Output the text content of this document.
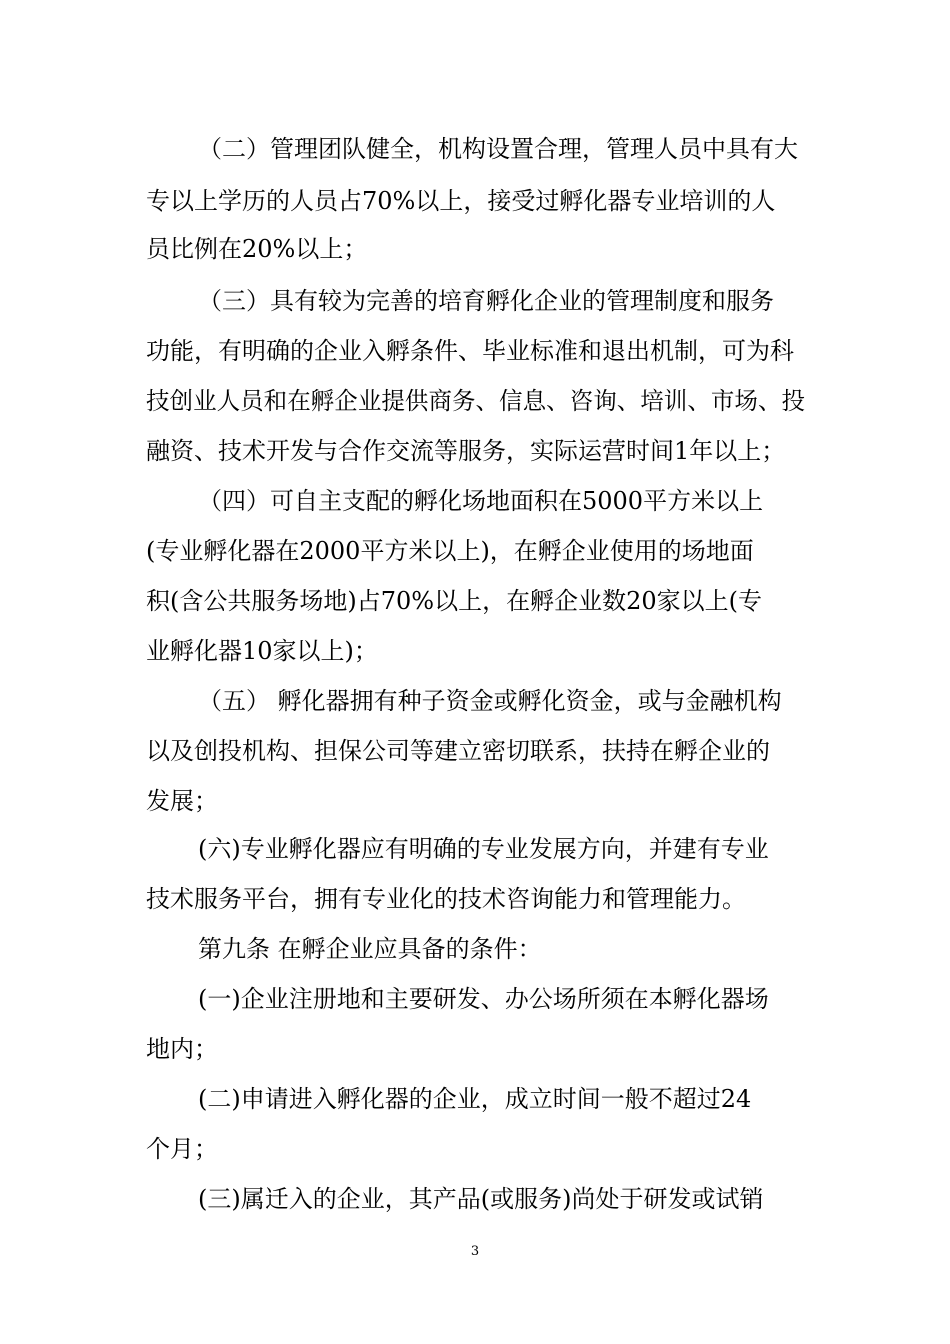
（二）管理团队健全，机构设置合理，管理人员中具有大
专以上学历的人员占70%以上，接受过孵化器专业培训的人
员比例在20%以上；
（三）具有较为完善的培育孵化企业的管理制度和服务
功能，有明确的企业入孵条件、毕业标准和退出机制，可为科
技创业人员和在孵企业提供商务、信息、咨询、培训、市场、投
融资、技术开发与合作交流等服务，实际运营时间1年以上；
（四）可自主支配的孵化场地面积在5000平方米以上
(专业孵化器在2000平方米以上)，在孵企业使用的场地面
积(含公共服务场地)占70%以上，在孵企业数20家以上(专
业孵化器10家以上)；
（五） 孵化器拥有种子资金或孵化资金，或与金融机构
以及创投机构、担保公司等建立密切联系，扶持在孵企业的
发展；
(六)专业孵化器应有明确的专业发展方向，并建有专业
技术服务平台，拥有专业化的技术咨询能力和管理能力。
第九条 在孵企业应具备的条件：
(一)企业注册地和主要研发、办公场所须在本孵化器场
地内；
(二)申请进入孵化器的企业，成立时间一般不超过24
个月；
(三)属迁入的企业，其产品(或服务)尚处于研发或试销
3
